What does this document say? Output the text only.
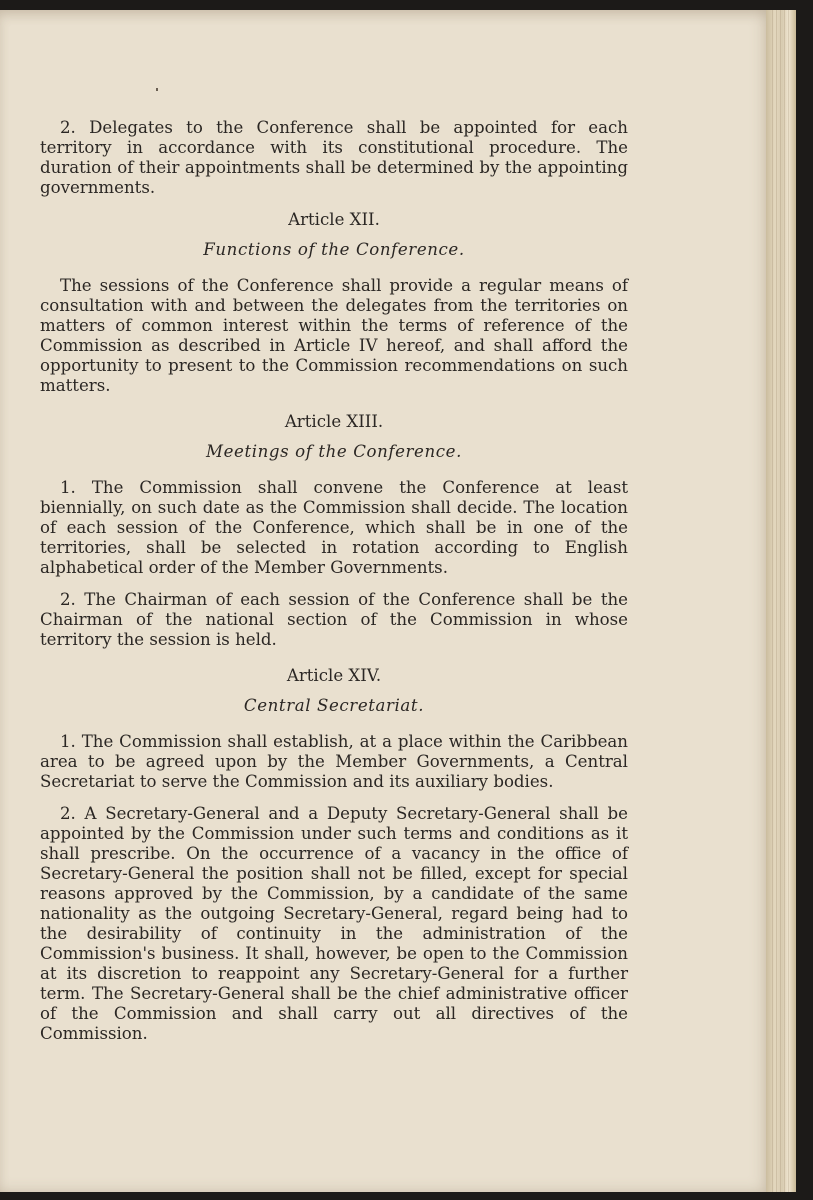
2. Delegates to the Conference shall be appointed for each territory in accordance with its constitutional procedure. The duration of their appointments shall be determined by the appointing governments.

Article XII.
Functions of the Conference.

The sessions of the Conference shall provide a regular means of consultation with and between the delegates from the territories on matters of common interest within the terms of reference of the Commission as described in Article IV hereof, and shall afford the opportunity to present to the Commission recommendations on such matters.

Article XIII.
Meetings of the Conference.

1. The Commission shall convene the Conference at least biennially, on such date as the Commission shall decide. The location of each session of the Conference, which shall be in one of the territories, shall be selected in rotation according to English alphabetical order of the Member Governments.

2. The Chairman of each session of the Conference shall be the Chairman of the national section of the Commission in whose territory the session is held.

Article XIV.
Central Secretariat.

1. The Commission shall establish, at a place within the Caribbean area to be agreed upon by the Member Governments, a Central Secretariat to serve the Commission and its auxiliary bodies.

2. A Secretary-General and a Deputy Secretary-General shall be appointed by the Commission under such terms and conditions as it shall prescribe. On the occurrence of a vacancy in the office of Secretary-General the position shall not be filled, except for special reasons approved by the Commission, by a candidate of the same nationality as the outgoing Secretary-General, regard being had to the desirability of continuity in the administration of the Commission's business. It shall, however, be open to the Commission at its discretion to reappoint any Secretary-General for a further term. The Secretary-General shall be the chief administrative officer of the Commission and shall carry out all directives of the Commission.
